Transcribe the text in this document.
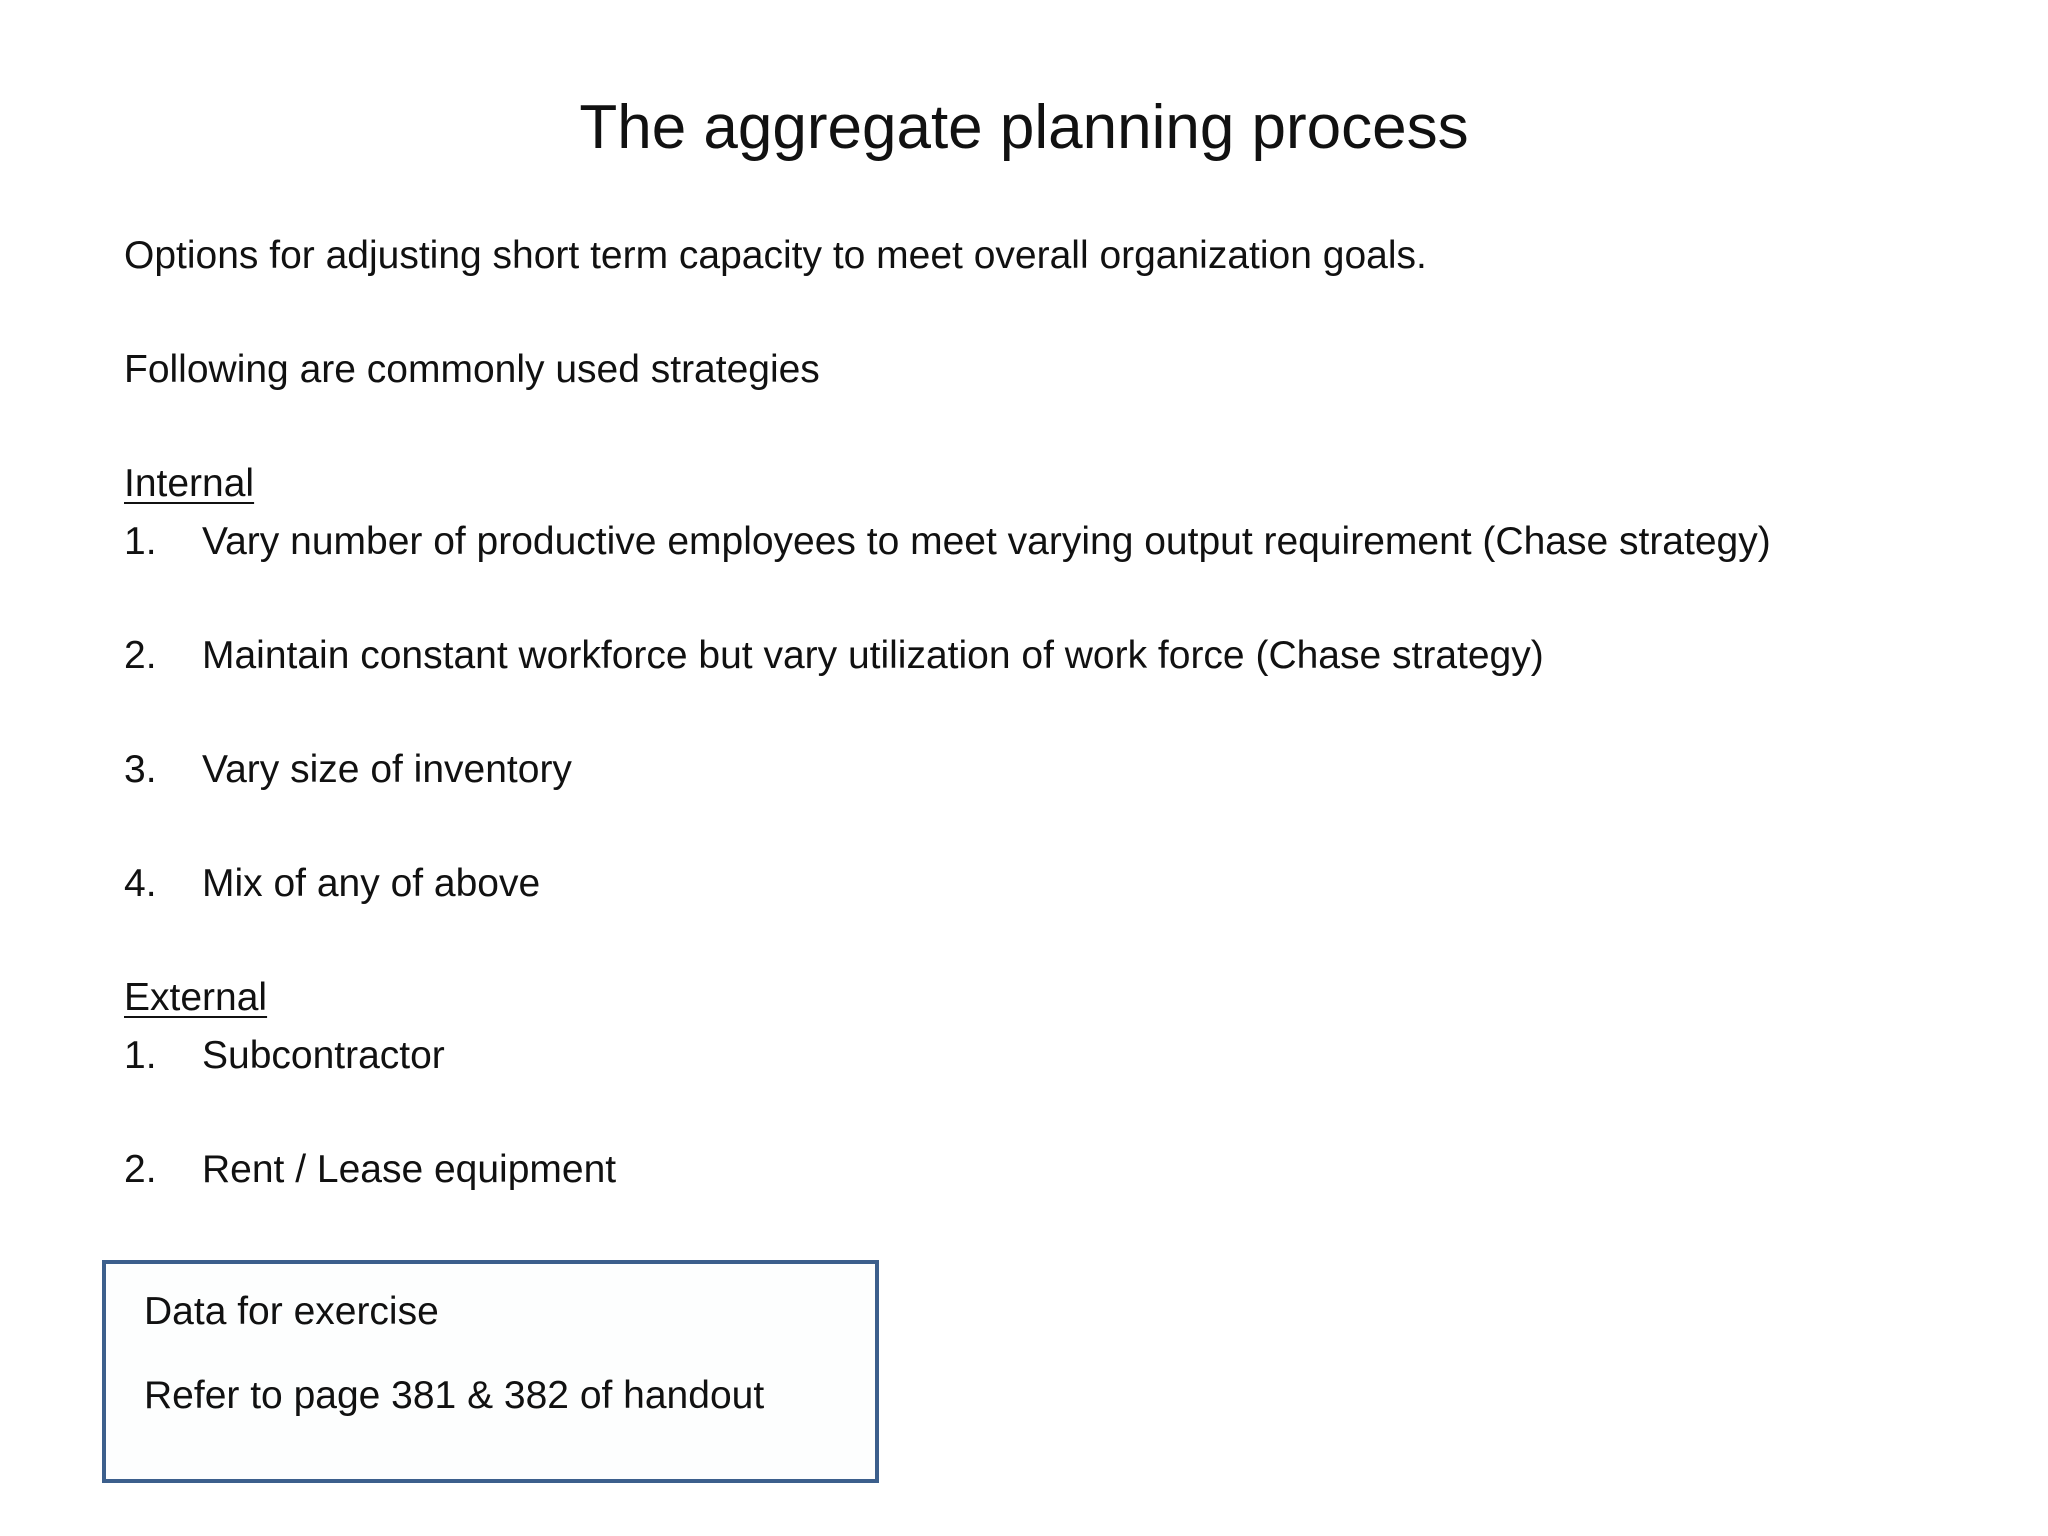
The aggregate planning process

Options for adjusting short term capacity to meet overall organization goals.

Following are commonly used strategies

Internal

1.	Vary number of productive employees to meet varying output requirement (Chase strategy)
2.	Maintain constant workforce but vary utilization of work force (Chase strategy)
3.	Vary size of inventory
4.	Mix of any of above

External

1.	Subcontractor
2.	Rent / Lease equipment
Data for exercise
Refer to page 381 & 382 of handout
